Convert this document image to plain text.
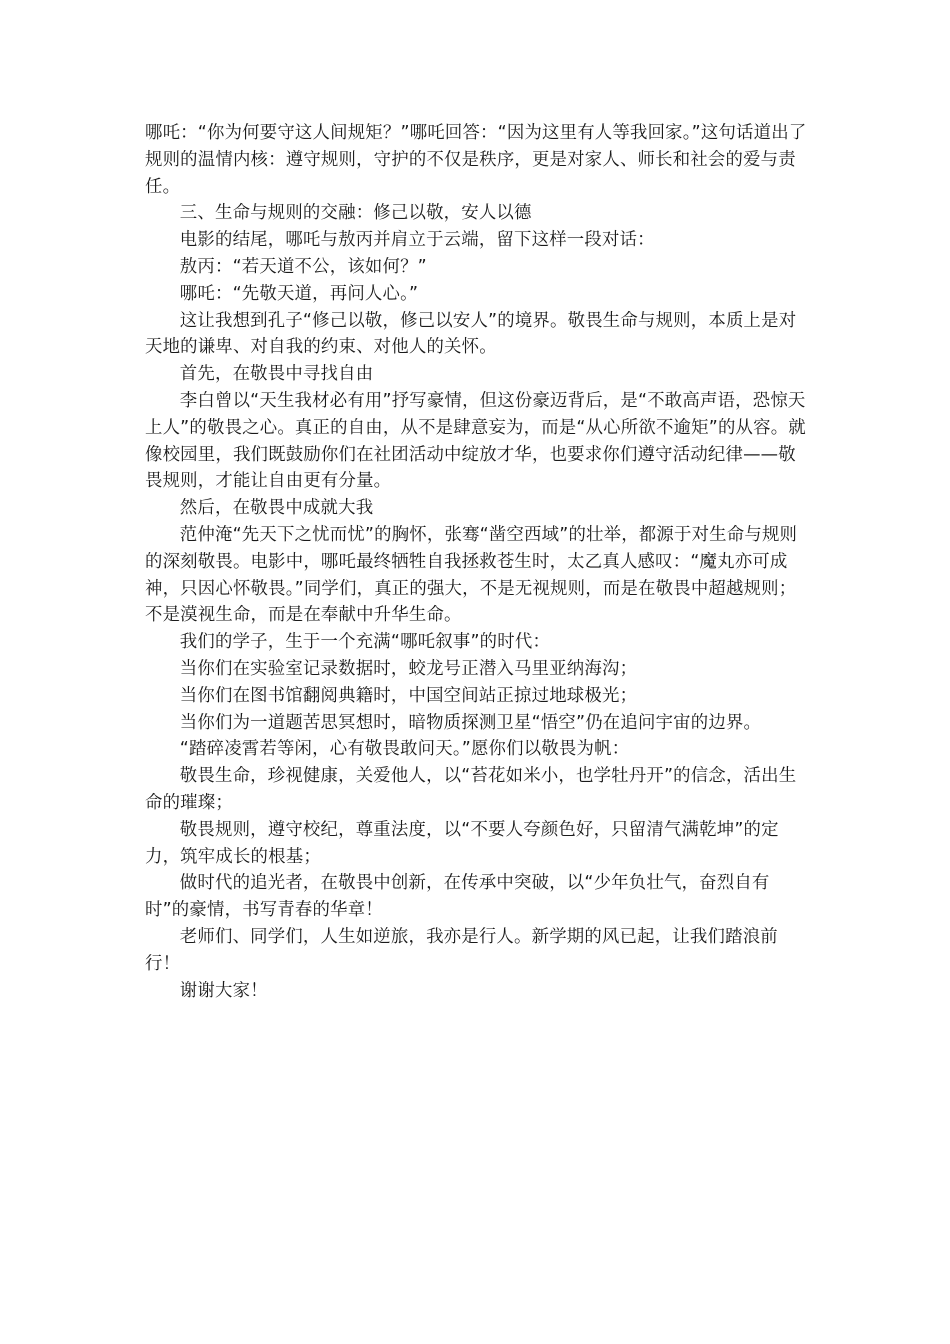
哪吒：“你为何要守这人间规矩？”哪吒回答：“因为这里有人等我回家。”这句话道出了规则的温情内核：遵守规则，守护的不仅是秩序，更是对家人、师长和社会的爱与责任。

三、生命与规则的交融：修己以敬，安人以德

电影的结尾，哪吒与敖丙并肩立于云端，留下这样一段对话：

敖丙：“若天道不公，该如何？”

哪吒：“先敬天道，再问人心。”

这让我想到孔子“修己以敬，修己以安人”的境界。敬畏生命与规则，本质上是对天地的谦卑、对自我的约束、对他人的关怀。

首先，在敬畏中寻找自由

李白曾以“天生我材必有用”抒写豪情，但这份豪迈背后，是“不敢高声语，恐惊天上人”的敬畏之心。真正的自由，从不是肆意妄为，而是“从心所欲不逾矩”的从容。就像校园里，我们既鼓励你们在社团活动中绽放才华，也要求你们遵守活动纪律——敬畏规则，才能让自由更有分量。

然后，在敬畏中成就大我

范仲淹“先天下之忧而忧”的胸怀，张骞“凿空西域”的壮举，都源于对生命与规则的深刻敬畏。电影中，哪吒最终牺牲自我拯救苍生时，太乙真人感叹：“魔丸亦可成神，只因心怀敬畏。”同学们，真正的强大，不是无视规则，而是在敬畏中超越规则；不是漠视生命，而是在奉献中升华生命。

我们的学子，生于一个充满“哪吒叙事”的时代：

当你们在实验室记录数据时，蛟龙号正潜入马里亚纳海沟；

当你们在图书馆翻阅典籍时，中国空间站正掠过地球极光；

当你们为一道题苦思冥想时，暗物质探测卫星“悟空”仍在追问宇宙的边界。

“踏碎凌霄若等闲，心有敬畏敢问天。”愿你们以敬畏为帆：

敬畏生命，珍视健康，关爱他人，以“苔花如米小，也学牡丹开”的信念，活出生命的璀璨；

敬畏规则，遵守校纪，尊重法度，以“不要人夸颜色好，只留清气满乾坤”的定力，筑牢成长的根基；

做时代的追光者，在敬畏中创新，在传承中突破，以“少年负壮气，奋烈自有时”的豪情，书写青春的华章！

老师们、同学们，人生如逆旅，我亦是行人。新学期的风已起，让我们踏浪前行！

谢谢大家！
